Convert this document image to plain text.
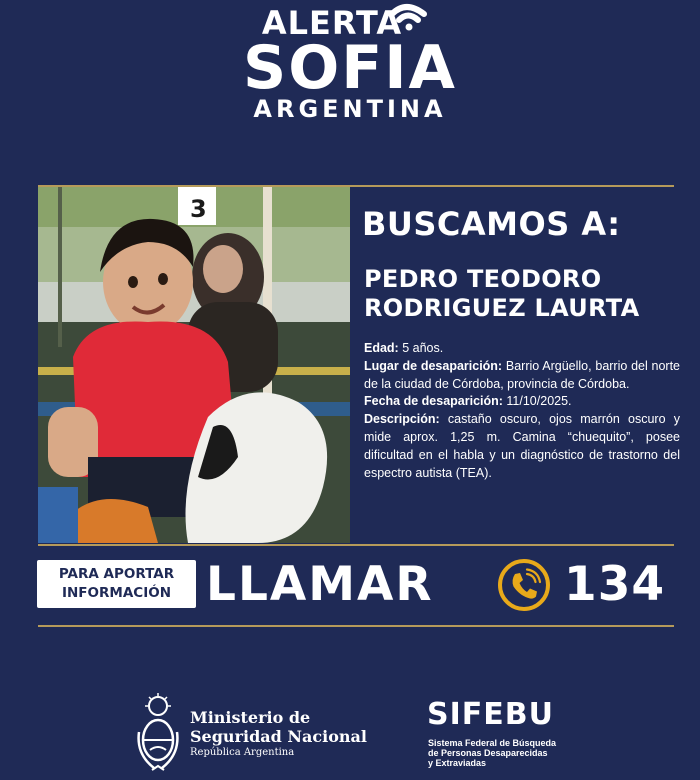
ALERTA
SOFIA
ARGENTINA
3	BUSCAMOS A:
PEDRO TEODORO
RODRIGUEZ LAURTA

Edad: 5 años.

Lugar de desaparición: Barrio Argüello, barrio del norte de la ciudad de Córdoba, provincia de Córdoba.

Fecha de desaparición: 11/10/2025.

Descripción: castaño oscuro, ojos marrón oscuro y mide aprox. 1,25 m. Camina “chuequito”, posee dificultad en el habla y un diagnóstico de trastorno del espectro autista (TEA).

PARA APORTAR
INFORMACIÓN LLAMAR	134
Ministerio de
Seguridad Nacional
República Argentina
SIFEBU
Sistema Federal de Búsqueda
de Personas Desaparecidas
y Extraviadas
